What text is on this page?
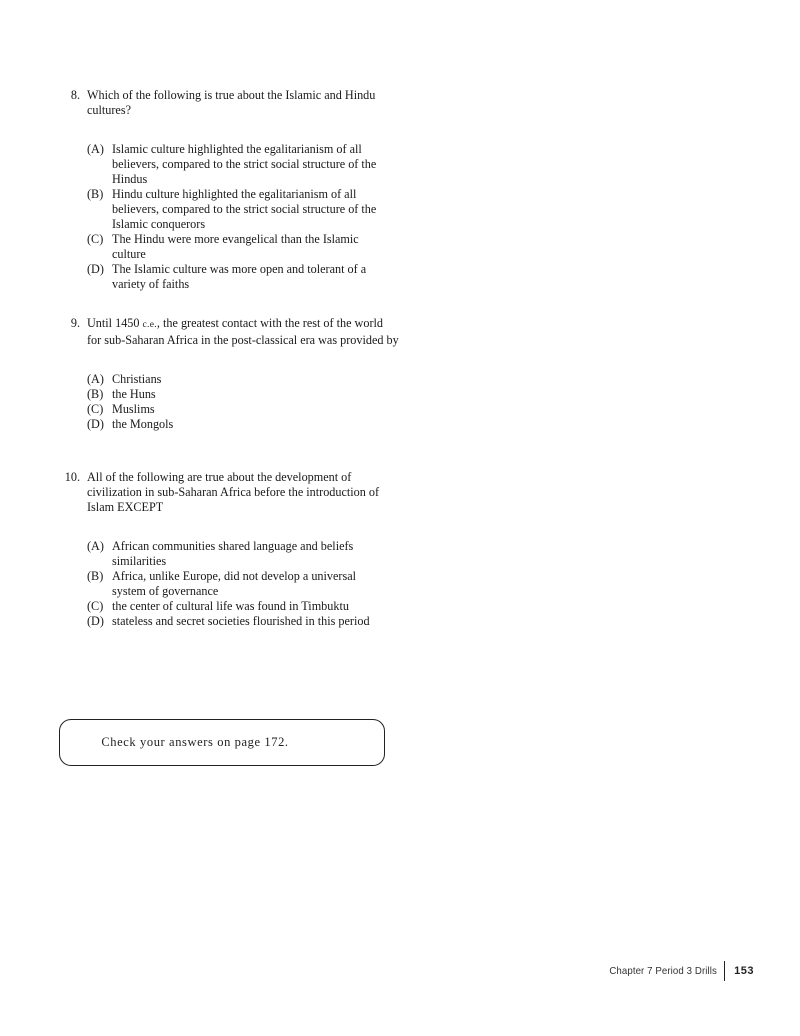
8. Which of the following is true about the Islamic and Hindu cultures?

(A) Islamic culture highlighted the egalitarianism of all believers, compared to the strict social structure of the Hindus
(B) Hindu culture highlighted the egalitarianism of all believers, compared to the strict social structure of the Islamic conquerors
(C) The Hindu were more evangelical than the Islamic culture
(D) The Islamic culture was more open and tolerant of a variety of faiths

9. Until 1450 c.e., the greatest contact with the rest of the world for sub-Saharan Africa in the post-classical era was provided by

(A) Christians
(B) the Huns
(C) Muslims
(D) the Mongols

10. All of the following are true about the development of civilization in sub-Saharan Africa before the introduction of Islam EXCEPT

(A) African communities shared language and beliefs similarities
(B) Africa, unlike Europe, did not develop a universal system of governance
(C) the center of cultural life was found in Timbuktu
(D) stateless and secret societies flourished in this period
Check your answers on page 172.
Chapter 7 Period 3 Drills 153
